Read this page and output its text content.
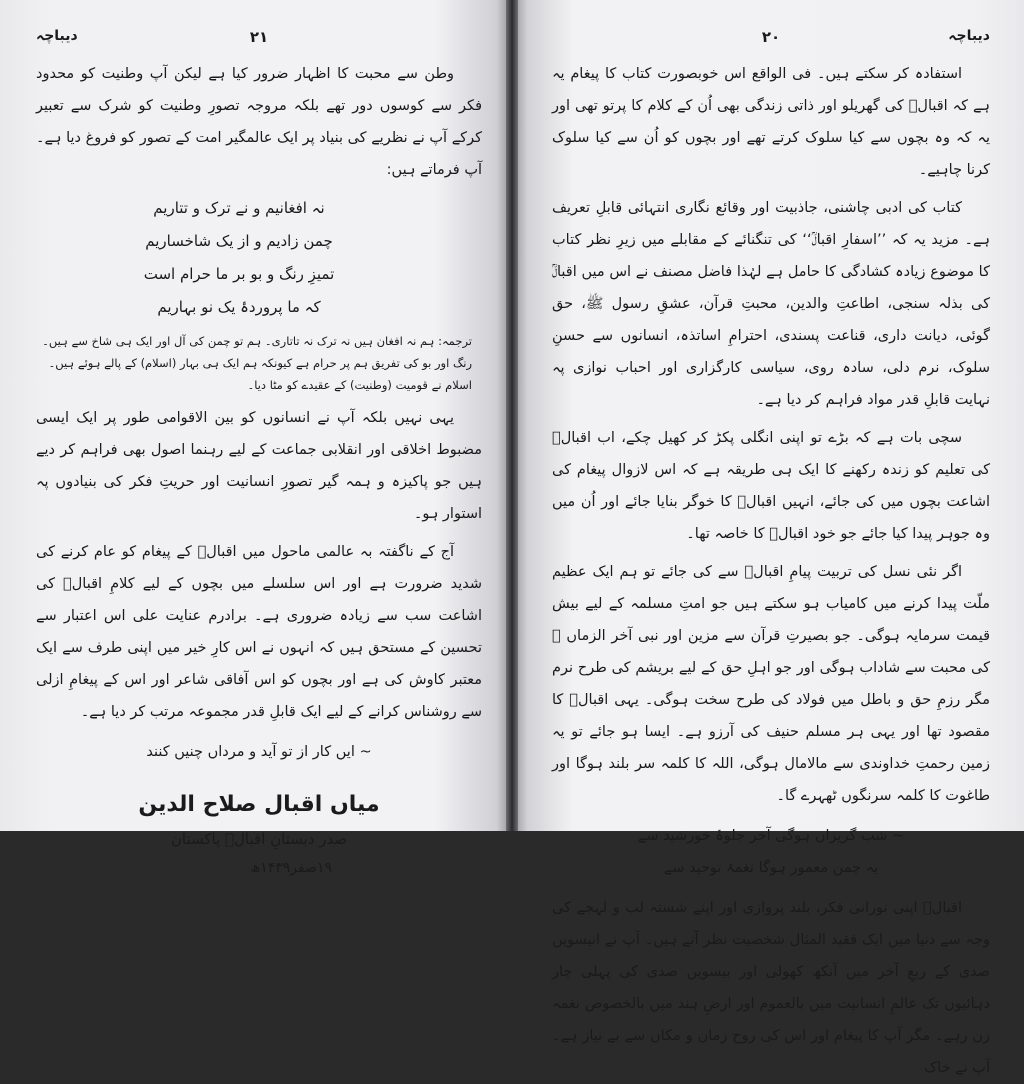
دیباچہ	۲۱

وطن سے محبت کا اظہار ضرور کیا ہے لیکن آپ وطنیت کو محدود فکر سے کوسوں دور تھے بلکہ مروجہ تصورِ وطنیت کو شرک سے تعبیر کرکے آپ نے نظریے کی بنیاد پر ایک عالمگیر امت کے تصور کو فروغ دیا ہے۔ آپ فرماتے ہیں:

نہ افغانیم و نے ترک و تتاریم
چمن زادیم و از یک شاخساریم
تمیزِ رنگ و بو بر ما حرام است
کہ ما پروردۂ یک نو بہاریم
ترجمہ: ہم نہ افغان ہیں نہ ترک نہ تاتاری۔ ہم تو چمن کی آل اور ایک ہی شاخ سے ہیں۔
رنگ اور بو کی تفریق ہم پر حرام ہے کیونکہ ہم ایک ہی بہار (اسلام) کے پالے ہوئے ہیں۔
اسلام نے قومیت (وطنیت) کے عقیدے کو مٹا دیا۔

یہی نہیں بلکہ آپ نے انسانوں کو بین الاقوامی طور پر ایک ایسی مضبوط اخلاقی اور انقلابی جماعت کے لیے رہنما اصول بھی فراہم کر دیے ہیں جو پاکیزہ و ہمہ گیر تصورِ انسانیت اور حریتِ فکر کی بنیادوں پہ استوار ہو۔

آج کے ناگفتہ بہ عالمی ماحول میں اقبالؒ کے پیغام کو عام کرنے کی شدید ضرورت ہے اور اس سلسلے میں بچوں کے لیے کلامِ اقبالؒ کی اشاعت سب سے زیادہ ضروری ہے۔ برادرم عنایت علی اس اعتبار سے تحسین کے مستحق ہیں کہ انہوں نے اس کارِ خیر میں اپنی طرف سے ایک معتبر کاوش کی ہے اور بچوں کو اس آفاقی شاعر اور اس کے پیغامِ ازلی سے روشناس کرانے کے لیے ایک قابلِ قدر مجموعہ مرتب کر دیا ہے۔

~ ایں کار از تو آید و مرداں چنیں کنند
میاں اقبال صلاح الدین
صدر دبستانِ اقبالؒ پاکستان
۱۹صفر۱۴۳۹ھ
دیباچہ
۲۰

استفادہ کر سکتے ہیں۔ فی الواقع اس خوبصورت کتاب کا پیغام یہ ہے کہ اقبالؒ کی گھریلو اور ذاتی زندگی بھی اُن کے کلام کا پرتو تھی اور یہ کہ وہ بچوں سے کیا سلوک کرتے تھے اور بچوں کو اُن سے کیا سلوک کرنا چاہیے۔

کتاب کی ادبی چاشنی، جاذبیت اور وقائع نگاری انتہائی قابلِ تعریف ہے۔ مزید یہ کہ ’’اسفارِ اقبالؒ‘‘ کی تنگنائے کے مقابلے میں زیرِ نظر کتاب کا موضوع زیادہ کشادگی کا حامل ہے لہٰذا فاضل مصنف نے اس میں اقبالؒ کی بذلہ سنجی، اطاعتِ والدین، محبتِ قرآن، عشقِ رسول ﷺ، حق گوئی، دیانت داری، قناعت پسندی، احترامِ اساتذہ، انسانوں سے حسنِ سلوک، نرم دلی، سادہ روی، سیاسی کارگزاری اور احباب نوازی پہ نہایت قابلِ قدر مواد فراہم کر دیا ہے۔

سچی بات ہے کہ بڑے تو اپنی انگلی پکڑ کر کھیل چکے، اب اقبالؒ کی تعلیم کو زندہ رکھنے کا ایک ہی طریقہ ہے کہ اس لازوال پیغام کی اشاعت بچوں میں کی جائے، انہیں اقبالؒ کا خوگر بنایا جائے اور اُن میں وہ جوہر پیدا کیا جائے جو خود اقبالؒ کا خاصہ تھا۔

اگر نئی نسل کی تربیت پیامِ اقبالؒ سے کی جائے تو ہم ایک عظیم ملّت پیدا کرنے میں کامیاب ہو سکتے ہیں جو امتِ مسلمہ کے لیے بیش قیمت سرمایہ ہوگی۔ جو بصیرتِ قرآن سے مزین اور نبی آخر الزماں ﷺ کی محبت سے شاداب ہوگی اور جو اہلِ حق کے لیے بریشم کی طرح نرم مگر رزمِ حق و باطل میں فولاد کی طرح سخت ہوگی۔ یہی اقبالؒ کا مقصود تھا اور یہی ہر مسلم حنیف کی آرزو ہے۔ ایسا ہو جائے تو یہ زمین رحمتِ خداوندی سے مالامال ہوگی، اللہ کا کلمہ سر بلند ہوگا اور طاغوت کا کلمہ سرنگوں ٹھہرے گا۔

~ شب گریزاں ہوگی آخر جلوۂ خورشید سے
یہ چمن معمور ہوگا نغمۂ توحید سے

اقبالؒ اپنی نورانی فکر، بلند پروازی اور اپنے شستہ لب و لہجے کی وجہ سے دنیا میں ایک فقید المثال شخصیت نظر آتے ہیں۔ آپ نے انیسویں صدی کے ربعِ آخر میں آنکھ کھولی اور بیسویں صدی کی پہلی چار دہائیوں تک عالمِ انسانیت میں بالعموم اور ارضِ ہند میں بالخصوص نغمہ زن رہے۔ مگر آپ کا پیغام اور اس کی روح زمان و مکاں سے بے نیاز ہے۔ آپ نے خاک
